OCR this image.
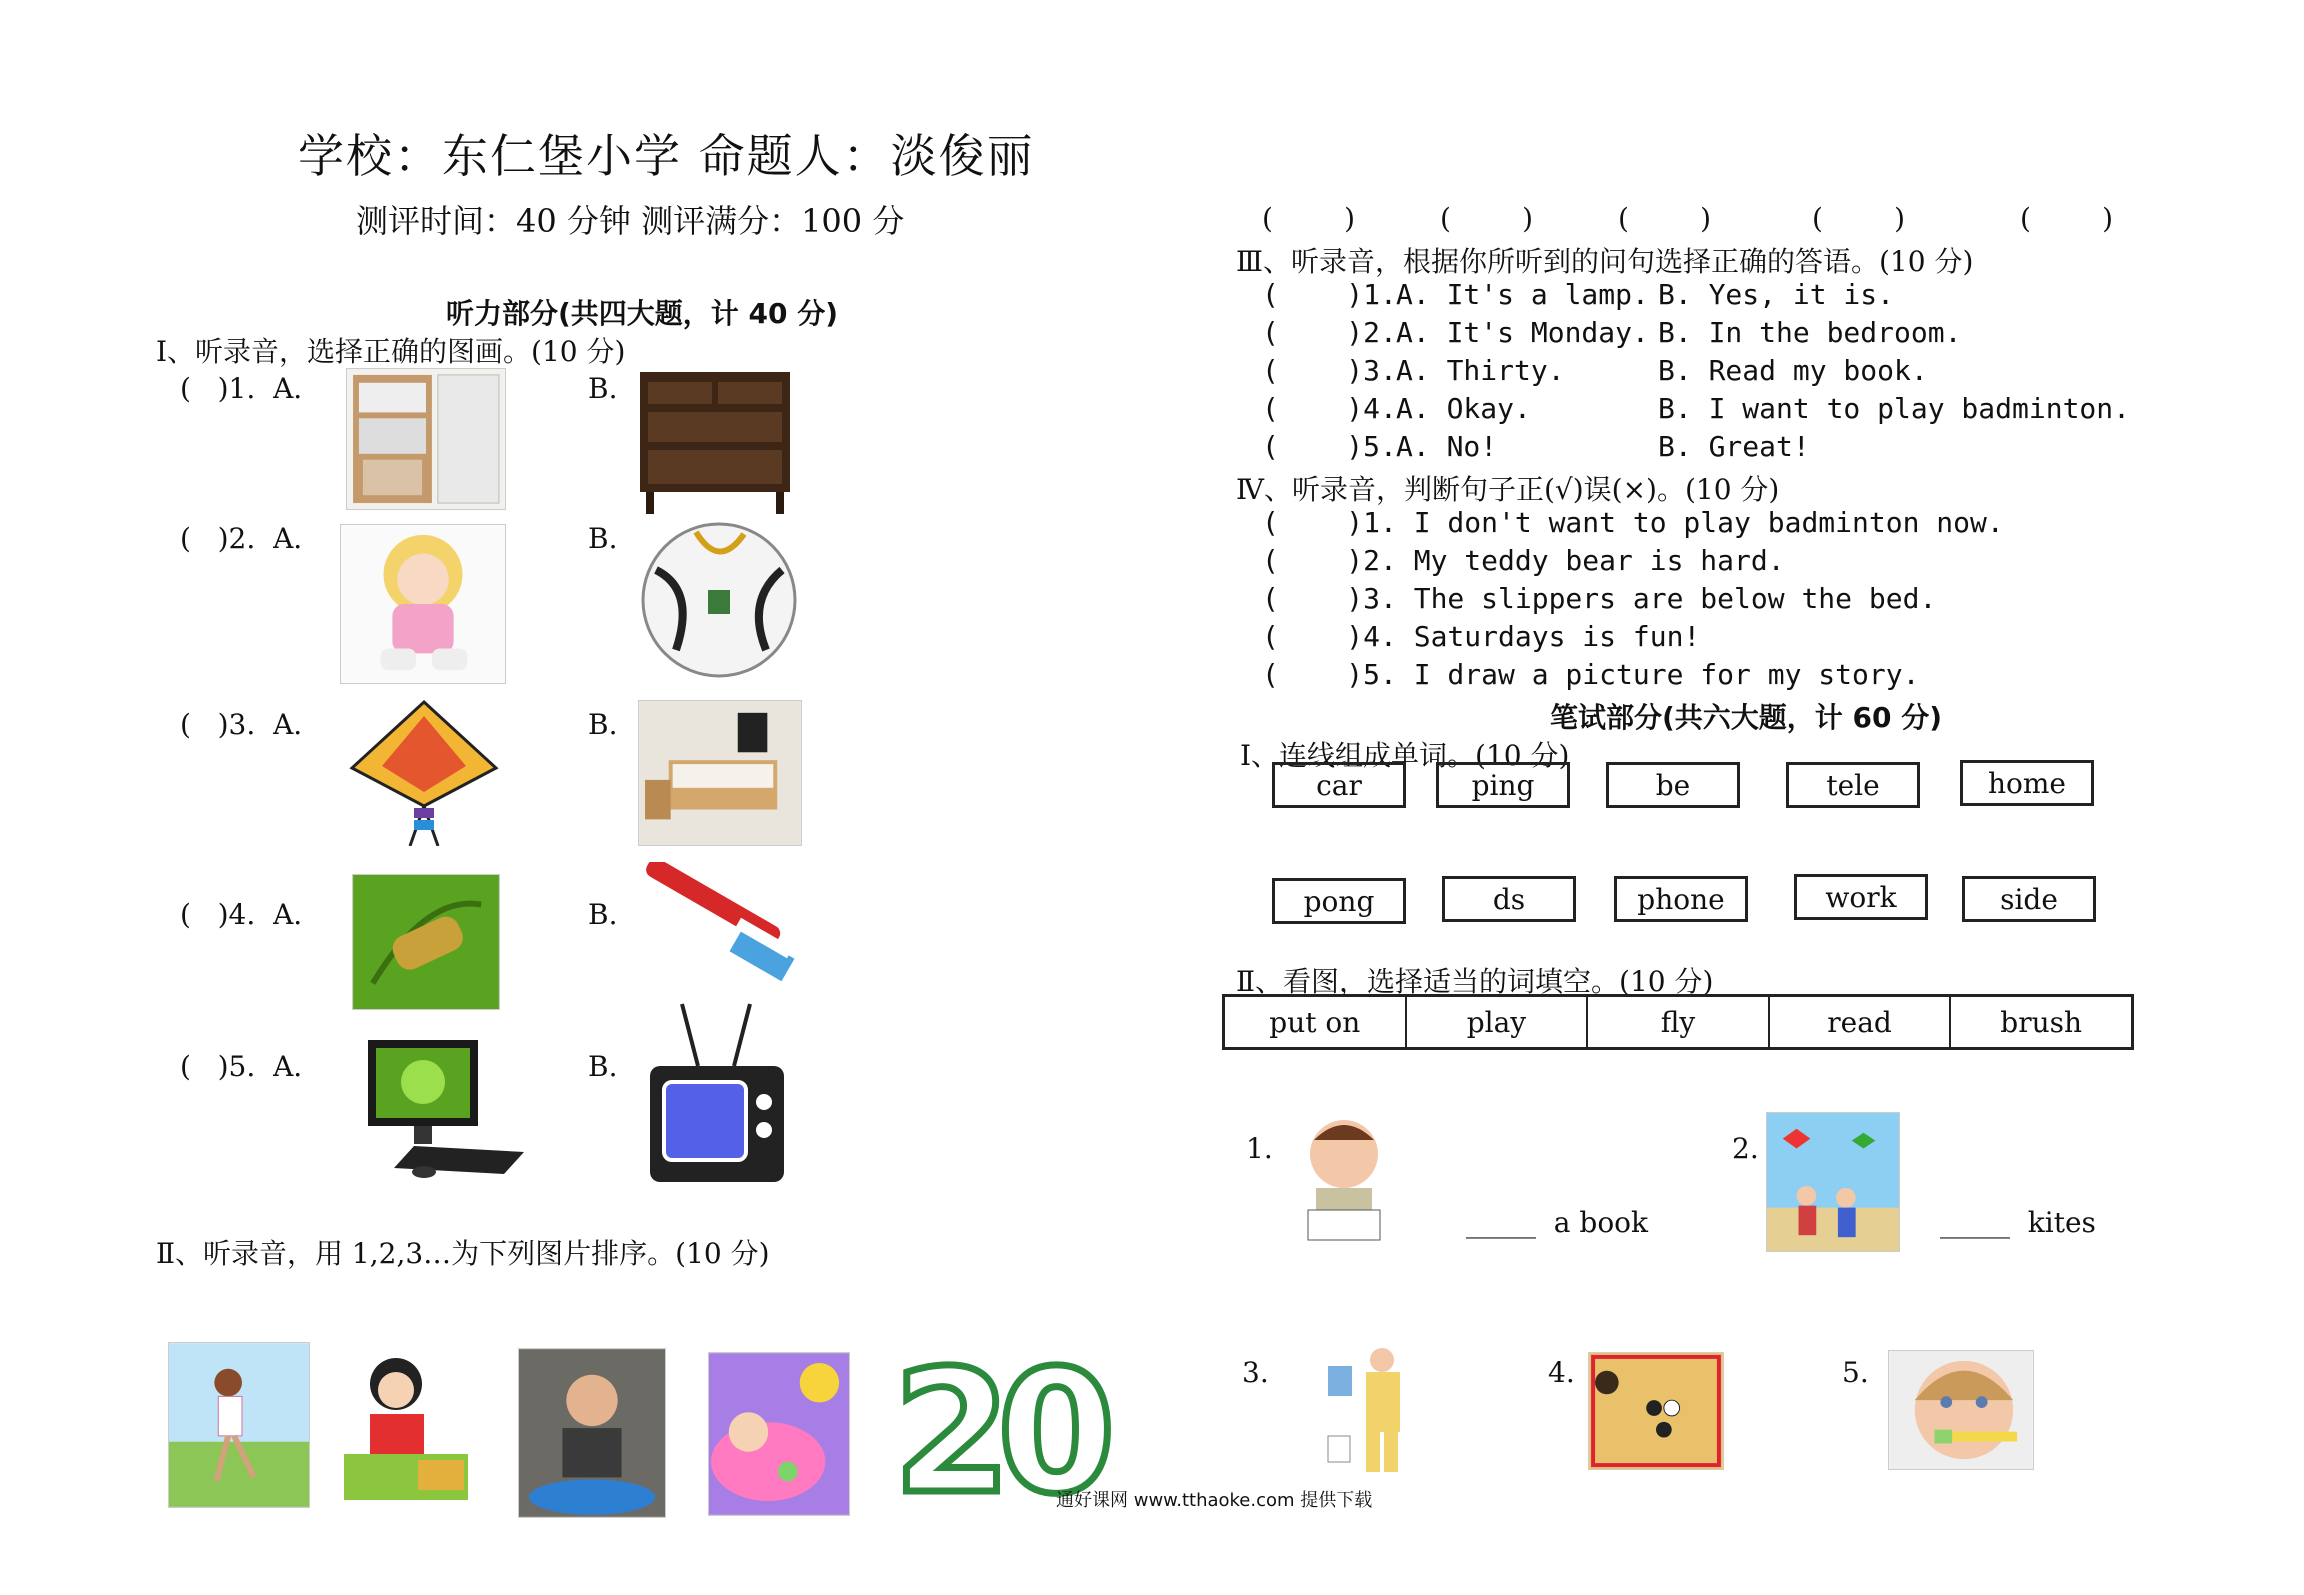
学校：东仁堡小学 命题人：淡俊丽
测评时间：40 分钟 测评满分：100 分
听力部分(共四大题，计 40 分)
Ⅰ、听录音，选择正确的图画。(10 分)
(   )1.  A.	B.
(   )2.  A.	B.
(   )3.  A.	B.
(   )4.  A.	B.
(   )5.  A.	B.
Ⅱ、听录音，用 1,2,3…为下列图片排序。(10 分)
20
通好课网 www.tthaoke.com 提供下载
(        )	(        )	(        )	(        )	(        )
Ⅲ、听录音，根据你所听到的问句选择正确的答语。(10 分)
(    )1. A. It's a lamp. B. Yes, it is.
(    )2. A. It's Monday. B. In the bedroom.
(    )3. A. Thirty.	B. Read my book.
(    )4. A. Okay.	B. I want to play badminton.
(    )5. A. No!	B. Great!
Ⅳ、听录音，判断句子正(√)误(×)。(10 分)
(    )1. I don't want to play badminton now.
(    )2. My teddy bear is hard.
(    )3. The slippers are below the bed.
(    )4. Saturdays is fun!
(    )5. I draw a picture for my story.
笔试部分(共六大题，计 60 分)
Ⅰ、连线组成单词。(10 分)
car	ping	be	tele	home
pong	ds	phone	work	side
Ⅱ、看图，选择适当的词填空。(10 分)
put on	play	fly	read	brush
1.
_____  a book
2.
_____  kites
3.	4.	5.
